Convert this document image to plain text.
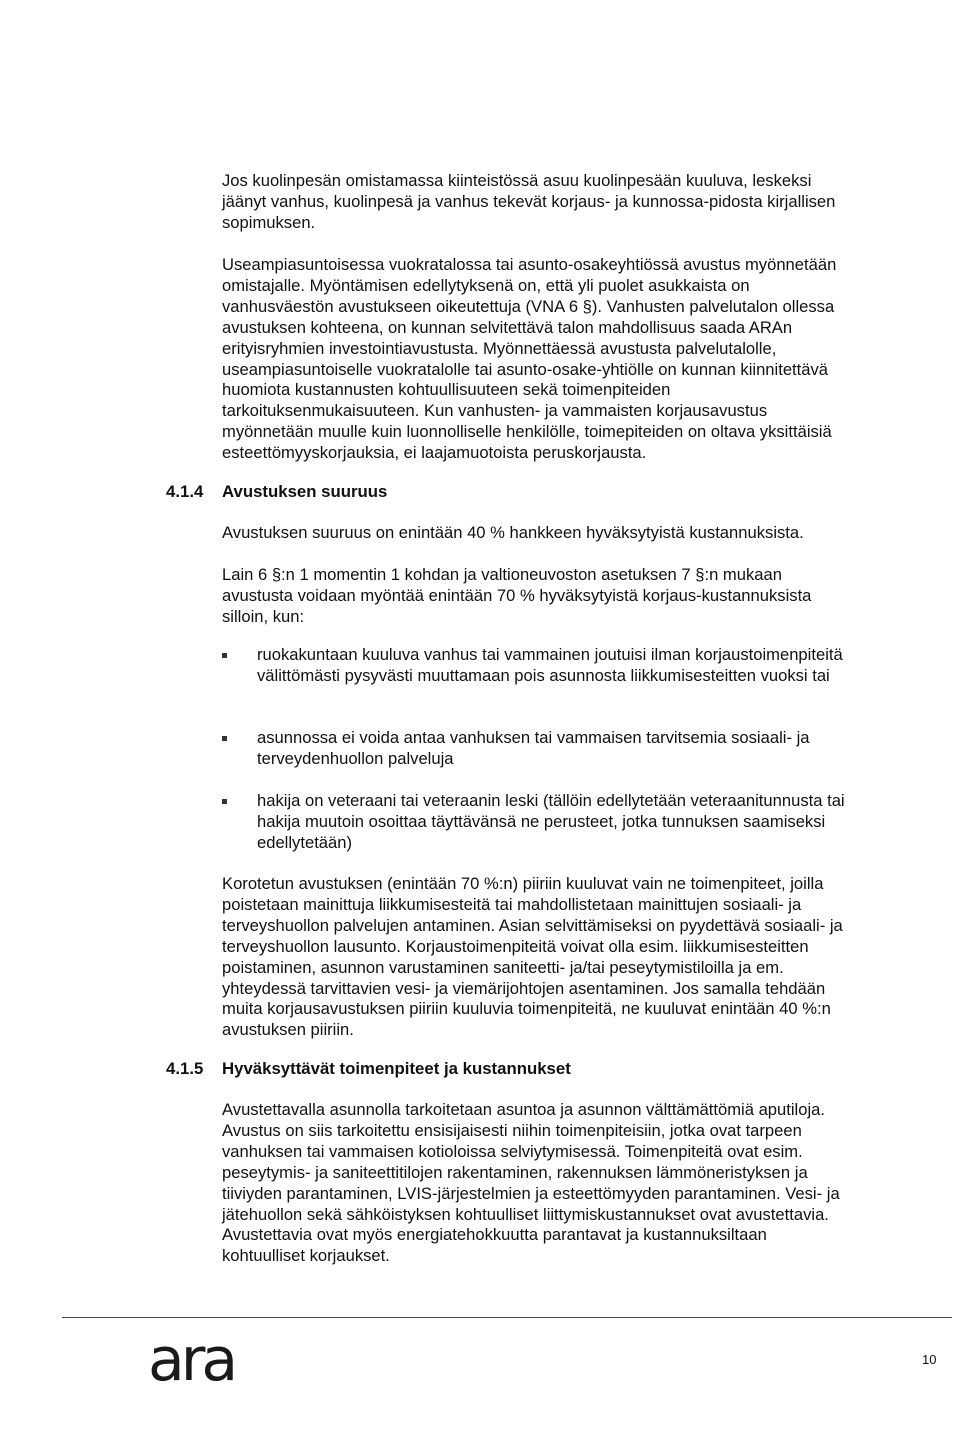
Jos kuolinpesän omistamassa kiinteistössä asuu kuolinpesään kuuluva, leskeksi jäänyt vanhus, kuolinpesä ja vanhus tekevät korjaus- ja kunnossa-pidosta kirjallisen sopimuksen.

Useampiasuntoisessa vuokratalossa tai asunto-osakeyhtiössä avustus myönnetään omistajalle. Myöntämisen edellytyksenä on, että yli puolet asukkaista on vanhusväestön avustukseen oikeutettuja (VNA 6 §). Vanhusten palvelutalon ollessa avustuksen kohteena, on kunnan selvitettävä talon mahdollisuus saada ARAn erityisryhmien investointiavustusta. Myönnettäessä avustusta palvelutalolle, useampiasuntoiselle vuokratalolle tai asunto-osake-yhtiölle on kunnan kiinnitettävä huomiota kustannusten kohtuullisuuteen sekä toimenpiteiden tarkoituksenmukaisuuteen. Kun vanhusten- ja vammaisten korjausavustus myönnetään muulle kuin luonnolliselle henkilölle, toimepiteiden on oltava yksittäisiä esteettömyyskorjauksia, ei laajamuotoista peruskorjausta.

4.1.4 Avustuksen suuruus

Avustuksen suuruus on enintään 40 % hankkeen hyväksytyistä kustannuksista.

Lain 6 §:n 1 momentin 1 kohdan ja valtioneuvoston asetuksen 7 §:n mukaan avustusta voidaan myöntää enintään 70 % hyväksytyistä korjaus-kustannuksista silloin, kun:

ruokakuntaan kuuluva vanhus tai vammainen joutuisi ilman korjaustoimenpiteitä välittömästi pysyvästi muuttamaan pois asunnosta liikkumisesteitten vuoksi tai

asunnossa ei voida antaa vanhuksen tai vammaisen tarvitsemia sosiaali- ja terveydenhuollon palveluja

hakija on veteraani tai veteraanin leski (tällöin edellytetään veteraanitunnusta tai hakija muutoin osoittaa täyttävänsä ne perusteet, jotka tunnuksen saamiseksi edellytetään)

Korotetun avustuksen (enintään 70 %:n) piiriin kuuluvat vain ne toimenpiteet, joilla poistetaan mainittuja liikkumisesteitä tai mahdollistetaan mainittujen sosiaali- ja terveyshuollon palvelujen antaminen. Asian selvittämiseksi on pyydettävä sosiaali- ja terveyshuollon lausunto. Korjaustoimenpiteitä voivat olla esim. liikkumisesteitten poistaminen, asunnon varustaminen saniteetti- ja/tai peseytymistiloilla ja em. yhteydessä tarvittavien vesi- ja viemärijohtojen asentaminen. Jos samalla tehdään muita korjausavustuksen piiriin kuuluvia toimenpiteitä, ne kuuluvat enintään 40 %:n avustuksen piiriin.

4.1.5 Hyväksyttävät toimenpiteet ja kustannukset

Avustettavalla asunnolla tarkoitetaan asuntoa ja asunnon välttämättömiä aputiloja. Avustus on siis tarkoitettu ensisijaisesti niihin toimenpiteisiin, jotka ovat tarpeen vanhuksen tai vammaisen kotioloissa selviytymisessä. Toimenpiteitä ovat esim. peseytymis- ja saniteettitilojen rakentaminen, rakennuksen lämmöneristyksen ja tiiviyden parantaminen, LVIS-järjestelmien ja esteettömyyden parantaminen. Vesi- ja jätehuollon sekä sähköistyksen kohtuulliset liittymiskustannukset ovat avustettavia. Avustettavia ovat myös energiatehokkuutta parantavat ja kustannuksiltaan kohtuulliset korjaukset.

ara	10
